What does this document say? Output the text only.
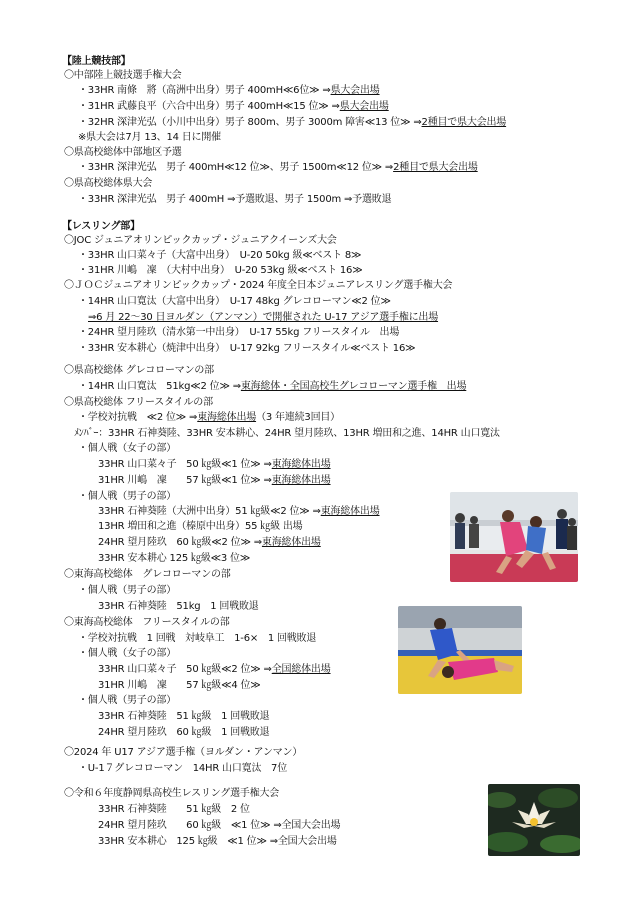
【陸上競技部】
〇中部陸上競技選手権大会
・33HR 南條　將（高洲中出身）男子 400mH≪6位≫ ⇒県大会出場
・31HR 武藤良平（六合中出身）男子 400mH≪15 位≫ ⇒県大会出場
・32HR 深津光弘（小川中出身）男子 800m、男子 3000m 障害≪13 位≫ ⇒2種目で県大会出場
※県大会は7月 13、14 日に開催
〇県高校総体中部地区予選
・33HR 深津光弘　男子 400mH≪12 位≫、男子 1500m≪12 位≫ ⇒2種目で県大会出場
〇県高校総体県大会
・33HR 深津光弘　男子 400mH ⇒予選敗退、男子 1500m ⇒予選敗退
【レスリング部】
〇JOC ジュニアオリンピックカップ・ジュニアクイーンズ大会
・33HR 山口菜々子（大富中出身）　U-20 50kg 級≪ベスト 8≫
・31HR 川嶋　凜　（大村中出身）　U-20 53kg 級≪ベスト 16≫
〇ＪＯＣジュニアオリンピックカップ・2024 年度全日本ジュニアレスリング選手権大会
・14HR 山口寛汰（大富中出身）　U-17 48kg グレコローマン≪2 位≫
⇒6 月 22～30 日ヨルダン（アンマン）で開催された U-17 アジア選手権に出場
・24HR 望月陸玖（清水第一中出身）　U-17 55kg フリースタイル　出場
・33HR 安本耕心（焼津中出身）　U-17 92kg フリースタイル≪ベスト 16≫
〇県高校総体 グレコローマンの部
・14HR 山口寛汰　51kg≪2 位≫ ⇒東海総体・全国高校生グレコローマン選手権　出場
〇県高校総体 フリースタイルの部
・学校対抗戦　≪2 位≫ ⇒東海総体出場（3 年連続3回目）
ﾒﾝﾊﾞｰ：33HR 石神葵陸、33HR 安本耕心、24HR 望月陸玖、13HR 増田和之進、14HR 山口寛汰
・個人戦（女子の部）
33HR 山口菜々子　50 ㎏級≪1 位≫ ⇒東海総体出場
31HR 川嶋　凜　　57 ㎏級≪1 位≫ ⇒東海総体出場
・個人戦（男子の部）
33HR 石神葵陸（大洲中出身）51 ㎏級≪2 位≫ ⇒東海総体出場
13HR 増田和之進（榛原中出身）55 ㎏級 出場
24HR 望月陸玖　60 ㎏級≪2 位≫ ⇒東海総体出場
33HR 安本耕心 125 ㎏級≪3 位≫
〇東海高校総体　グレコローマンの部
・個人戦（男子の部）
33HR 石神葵陸　51kg　1 回戦敗退
〇東海高校総体　フリースタイルの部
・学校対抗戦　1 回戦　対岐阜工　1-6×　1 回戦敗退
・個人戦（女子の部）
33HR 山口菜々子　50 ㎏級≪2 位≫ ⇒全国総体出場
31HR 川嶋　凜　　57 ㎏級≪4 位≫
・個人戦（男子の部）
33HR 石神葵陸　51 ㎏級　1 回戦敗退
24HR 望月陸玖　60 ㎏級　1 回戦敗退
〇2024 年 U17 アジア選手権（ヨルダン・アンマン）
・U-1７グレコローマン　14HR 山口寛汰　7位
〇令和６年度静岡県高校生レスリング選手権大会
33HR 石神葵陸　　51 ㎏級　2 位
24HR 望月陸玖　　60 ㎏級　≪1 位≫ ⇒全国大会出場
33HR 安本耕心　125 ㎏級　≪1 位≫ ⇒全国大会出場
